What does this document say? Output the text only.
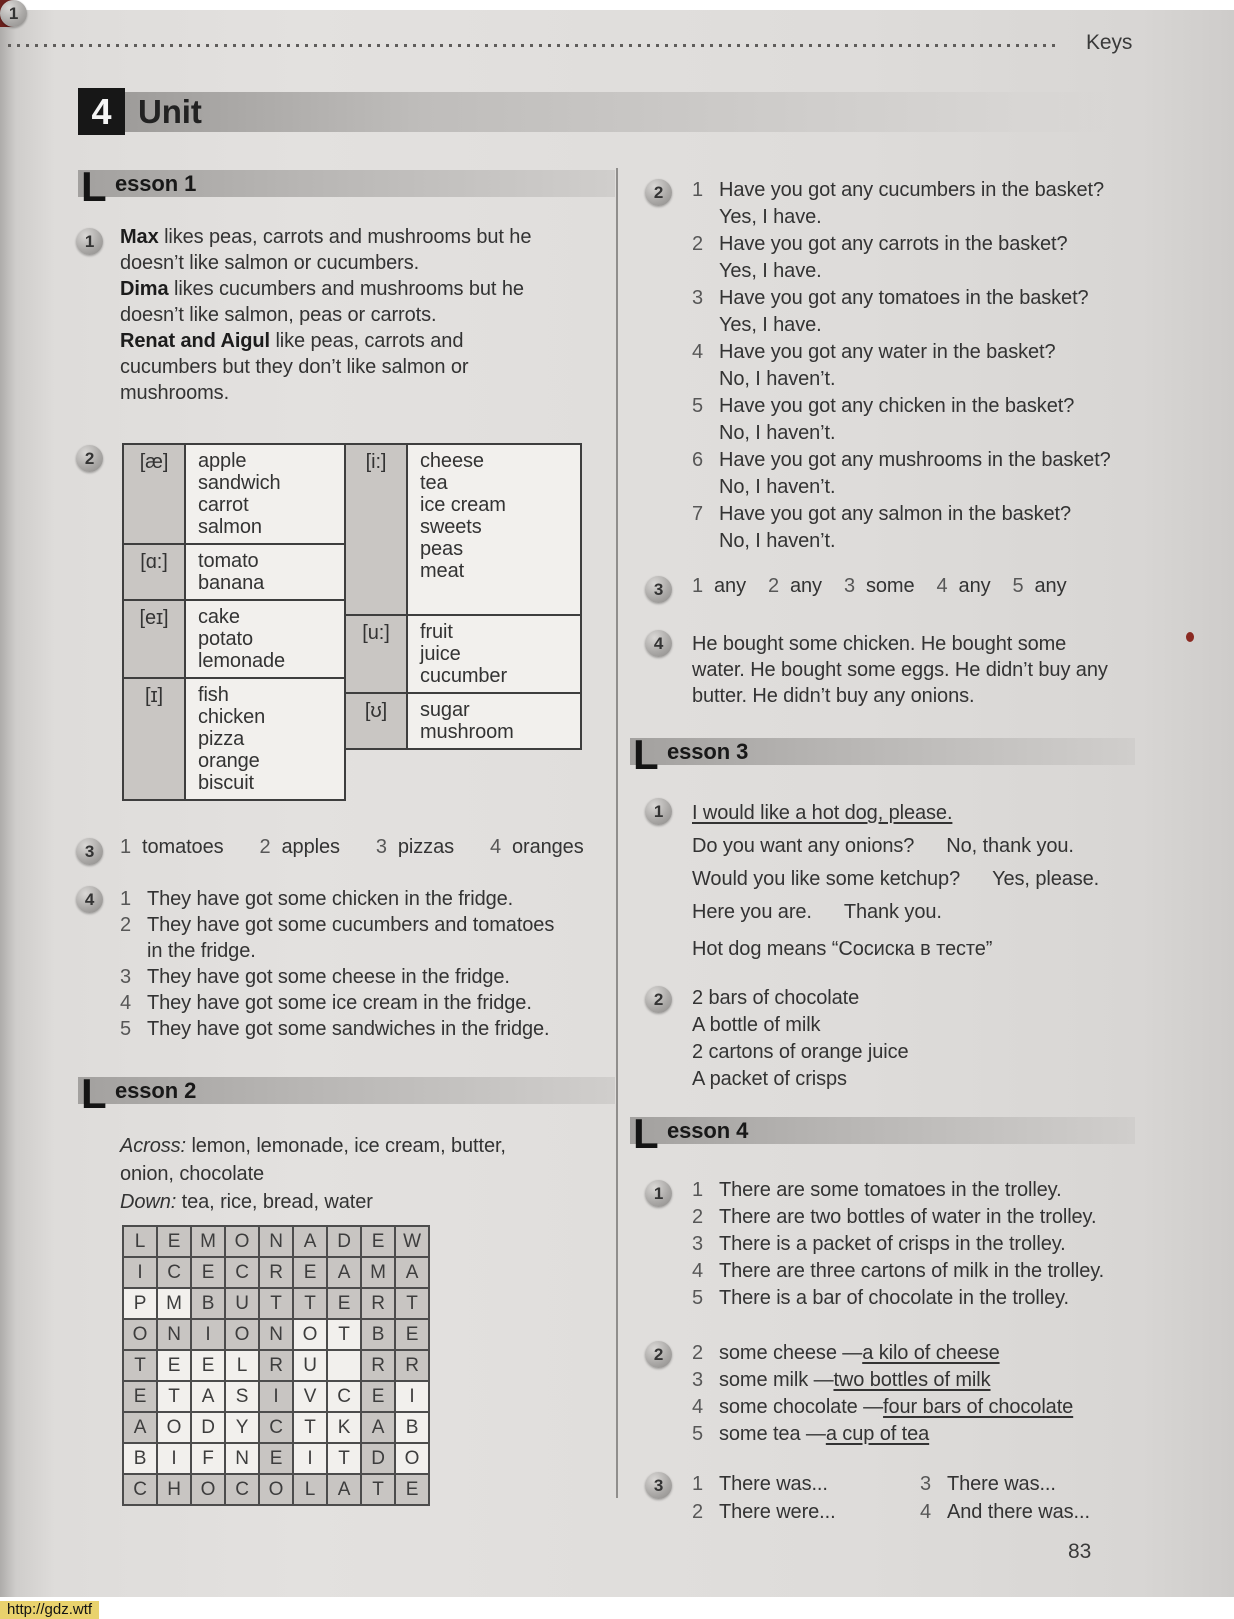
Keys
4 Unit
L esson 1
1	Max likes peas, carrots and mushrooms but he
doesn’t like salmon or cucumbers.
Dima likes cucumbers and mushrooms but he
doesn’t like salmon, peas or carrots.
Renat and Aigul like peas, carrots and
cucumbers but they don’t like salmon or
mushrooms.
2	[æ]	apple
sandwich
carrot
salmon

[ɑ:]	tomato
banana

[eɪ]	cake
potato
lemonade

[ɪ]	fish
chicken
pizza
orange
biscuit
[i:]	cheese
tea
ice cream
sweets
peas
meat

[u:]	fruit
juice
cucumber

[ʊ]	sugar
mushroom
3	1 tomatoes 2 apples 3 pizzas 4 oranges
4	1 They have got some chicken in the fridge.
2 They have got some cucumbers and tomatoes
in the fridge.
3 They have got some cheese in the fridge.
4 They have got some ice cream in the fridge.
5 They have got some sandwiches in the fridge.
L esson 2
1
Across: lemon, lemonade, ice cream, butter,
onion, chocolate
Down: tea, rice, bread, water
L	E	M	O	N	A	D	E	W
I	C	E	C	R	E	A	M	A
P	M	B	U	T	T	E	R	T
O	N	I	O	N	O	T	B	E
T	E	E	L	R	U		R	R
E	T	A	S	I	V	C	E	I
A	O	D	Y	C	T	K	A	B
B	I	F	N	E	I	T	D	O
C	H	O	C	O	L	A	T	E
2	1 Have you got any cucumbers in the basket?
Yes, I have.
2 Have you got any carrots in the basket?
Yes, I have.
3 Have you got any tomatoes in the basket?
Yes, I have.
4 Have you got any water in the basket?
No, I haven’t.
5 Have you got any chicken in the basket?
No, I haven’t.
6 Have you got any mushrooms in the basket?
No, I haven’t.
7 Have you got any salmon in the basket?
No, I haven’t.
3	1 any 2 any 3 some 4 any 5 any
4	He bought some chicken. He bought some
water. He bought some eggs. He didn’t buy any
butter. He didn’t buy any onions.
L esson 3
1	I would like a hot dog, please.
Do you want any onions? No, thank you.
Would you like some ketchup? Yes, please.
Here you are. Thank you.
Hot dog means “Сосиска в тесте”
2	2 bars of chocolate
A bottle of milk
2 cartons of orange juice
A packet of crisps
L esson 4
1	1 There are some tomatoes in the trolley.
2 There are two bottles of water in the trolley.
3 There is a packet of crisps in the trolley.
4 There are three cartons of milk in the trolley.
5 There is a bar of chocolate in the trolley.
2	2 some cheese — a kilo of cheese
3 some milk — two bottles of milk
4 some chocolate — four bars of chocolate
5 some tea — a cup of tea
3	1 There was...
2 There were...
3 There was...
4 And there was...
83
http://gdz.wtf
